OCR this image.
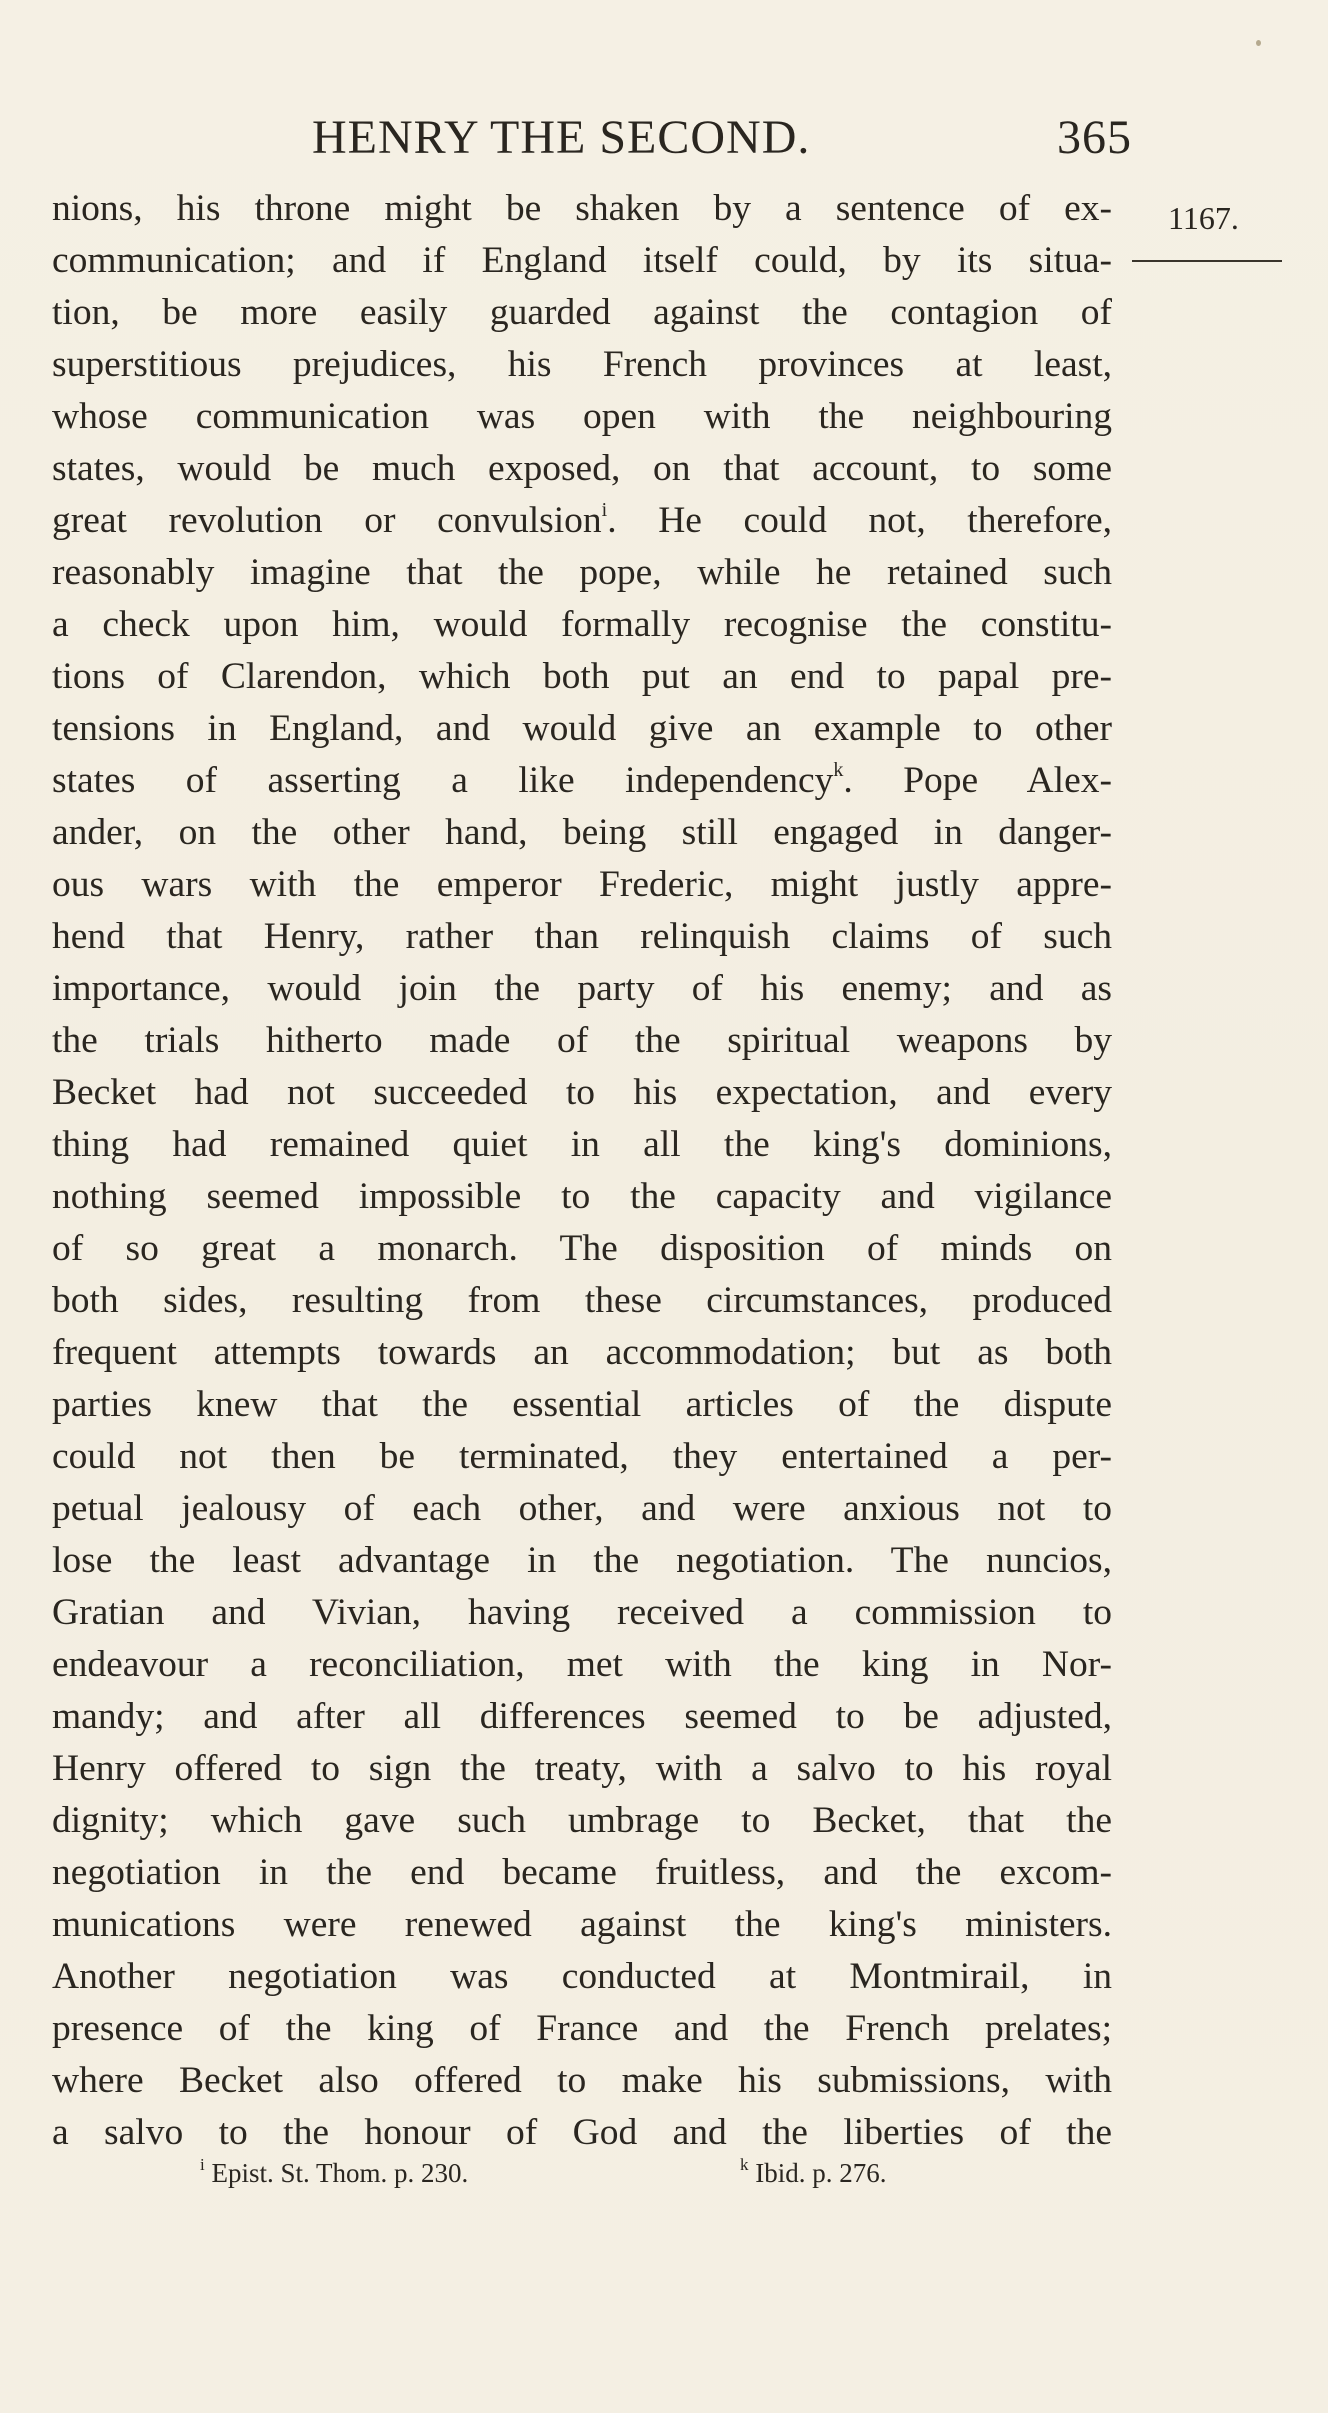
HENRY THE SECOND.	365
1167.
nions, his throne might be shaken by a sentence of ex-
communication; and if England itself could, by its situa-
tion, be more easily guarded against the contagion of
superstitious prejudices, his French provinces at least,
whose communication was open with the neighbouring
states, would be much exposed, on that account, to some
great revolution or convulsion$^i$. He could not, therefore,
reasonably imagine that the pope, while he retained such
a check upon him, would formally recognise the constitu-
tions of Clarendon, which both put an end to papal pre-
tensions in England, and would give an example to other
states of asserting a like independency$^k$. Pope Alex-
ander, on the other hand, being still engaged in danger-
ous wars with the emperor Frederic, might justly appre-
hend that Henry, rather than relinquish claims of such
importance, would join the party of his enemy; and as
the trials hitherto made of the spiritual weapons by
Becket had not succeeded to his expectation, and every
thing had remained quiet in all the king's dominions,
nothing seemed impossible to the capacity and vigilance
of so great a monarch. The disposition of minds on
both sides, resulting from these circumstances, produced
frequent attempts towards an accommodation; but as both
parties knew that the essential articles of the dispute
could not then be terminated, they entertained a per-
petual jealousy of each other, and were anxious not to
lose the least advantage in the negotiation. The nuncios,
Gratian and Vivian, having received a commission to
endeavour a reconciliation, met with the king in Nor-
mandy; and after all differences seemed to be adjusted,
Henry offered to sign the treaty, with a salvo to his royal
dignity; which gave such umbrage to Becket, that the
negotiation in the end became fruitless, and the excom-
munications were renewed against the king's ministers.
Another negotiation was conducted at Montmirail, in
presence of the king of France and the French prelates;
where Becket also offered to make his submissions, with
a salvo to the honour of God and the liberties of the
$^i$ Epist. St. Thom. p. 230.	$^k$ Ibid. p. 276.
